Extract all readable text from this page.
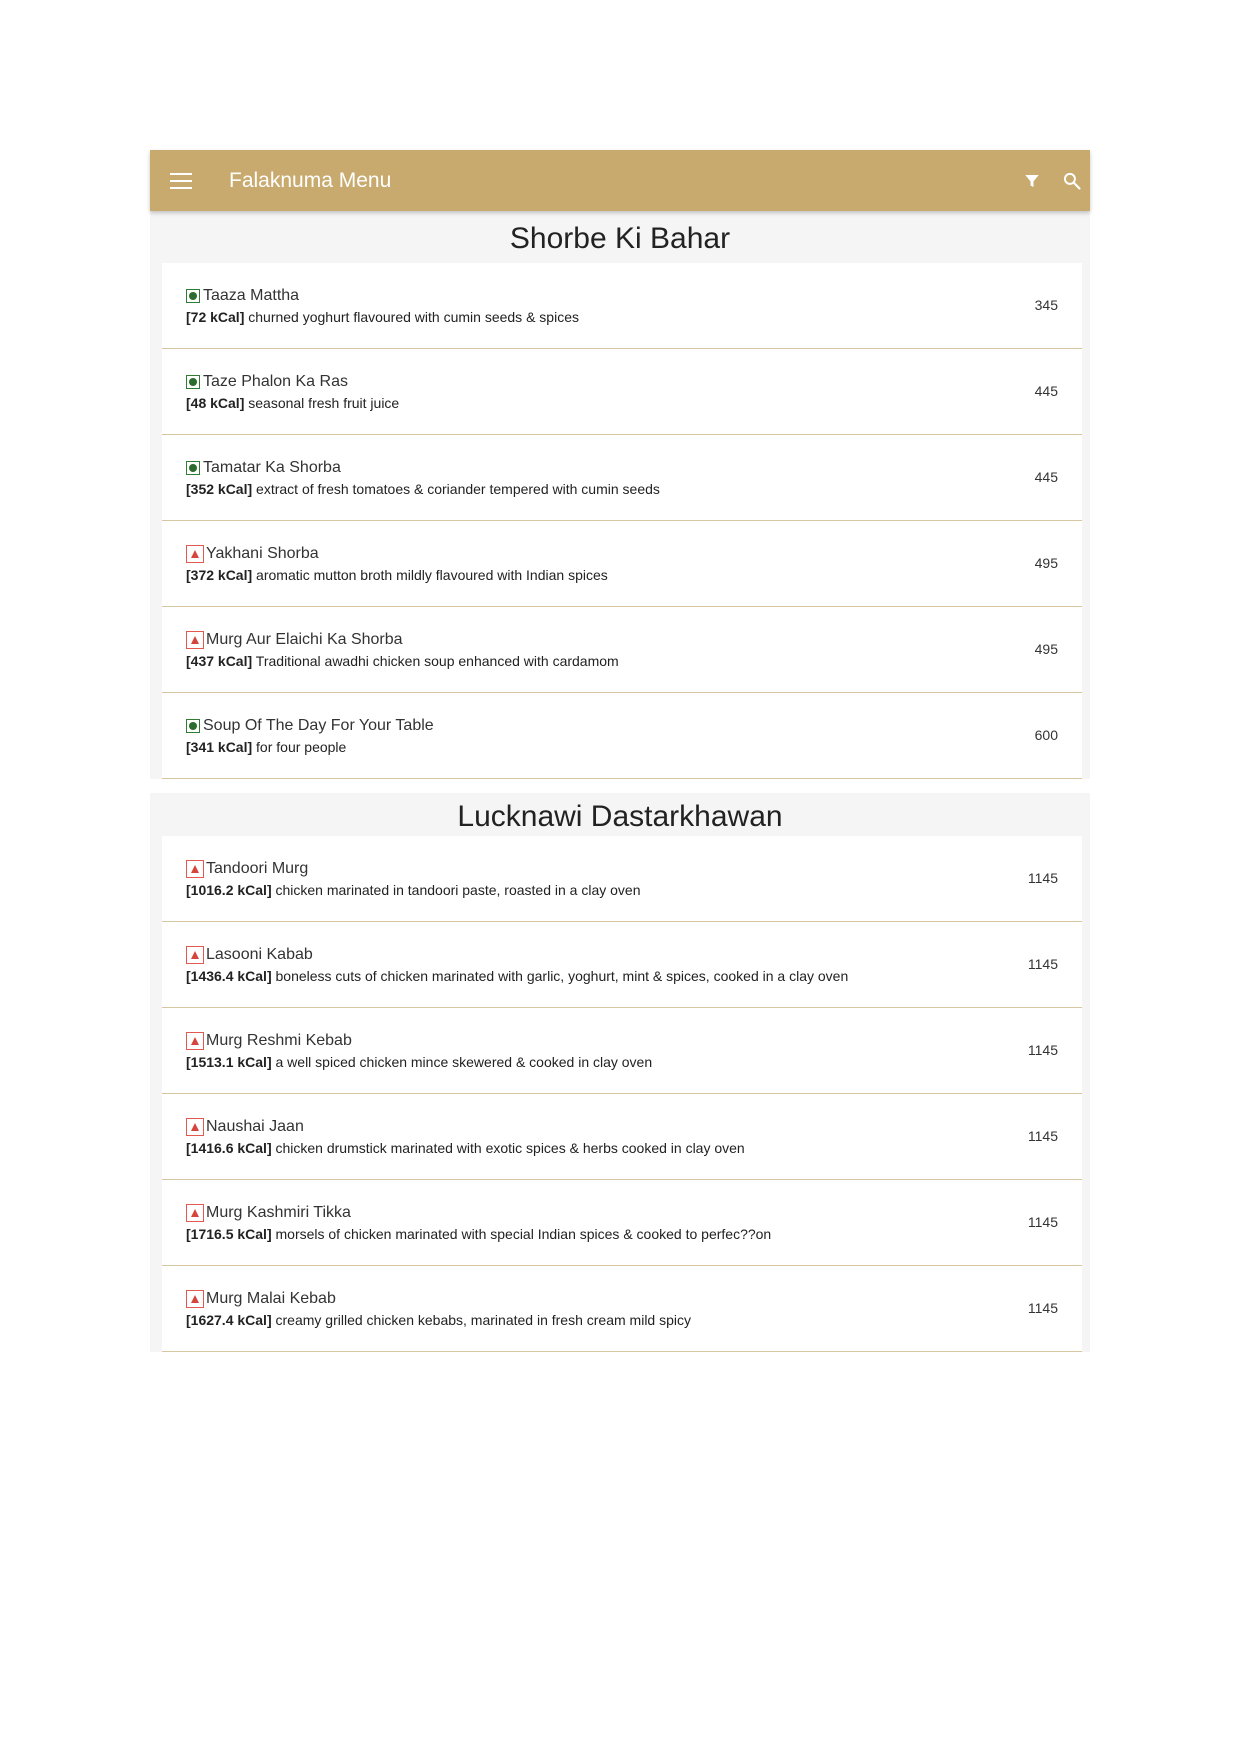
Falaknuma Menu
Shorbe Ki Bahar
Taaza Mattha
[72 kCal] churned yoghurt flavoured with cumin seeds & spices
345
Taze Phalon Ka Ras
[48 kCal] seasonal fresh fruit juice
445
Tamatar Ka Shorba
[352 kCal] extract of fresh tomatoes & coriander tempered with cumin seeds
445
Yakhani Shorba
[372 kCal] aromatic mutton broth mildly flavoured with Indian spices
495
Murg Aur Elaichi Ka Shorba
[437 kCal] Traditional awadhi chicken soup enhanced with cardamom
495
Soup Of The Day For Your Table
[341 kCal] for four people
600
Lucknawi Dastarkhawan
Tandoori Murg
[1016.2 kCal] chicken marinated in tandoori paste, roasted in a clay oven
1145
Lasooni Kabab
[1436.4 kCal] boneless cuts of chicken marinated with garlic, yoghurt, mint & spices, cooked in a clay oven
1145
Murg Reshmi Kebab
[1513.1 kCal] a well spiced chicken mince skewered & cooked in clay oven
1145
Naushai Jaan
[1416.6 kCal] chicken drumstick marinated with exotic spices & herbs cooked in clay oven
1145
Murg Kashmiri Tikka
[1716.5 kCal] morsels of chicken marinated with special Indian spices & cooked to perfec??on
1145
Murg Malai Kebab
[1627.4 kCal] creamy grilled chicken kebabs, marinated in fresh cream mild spicy
1145
